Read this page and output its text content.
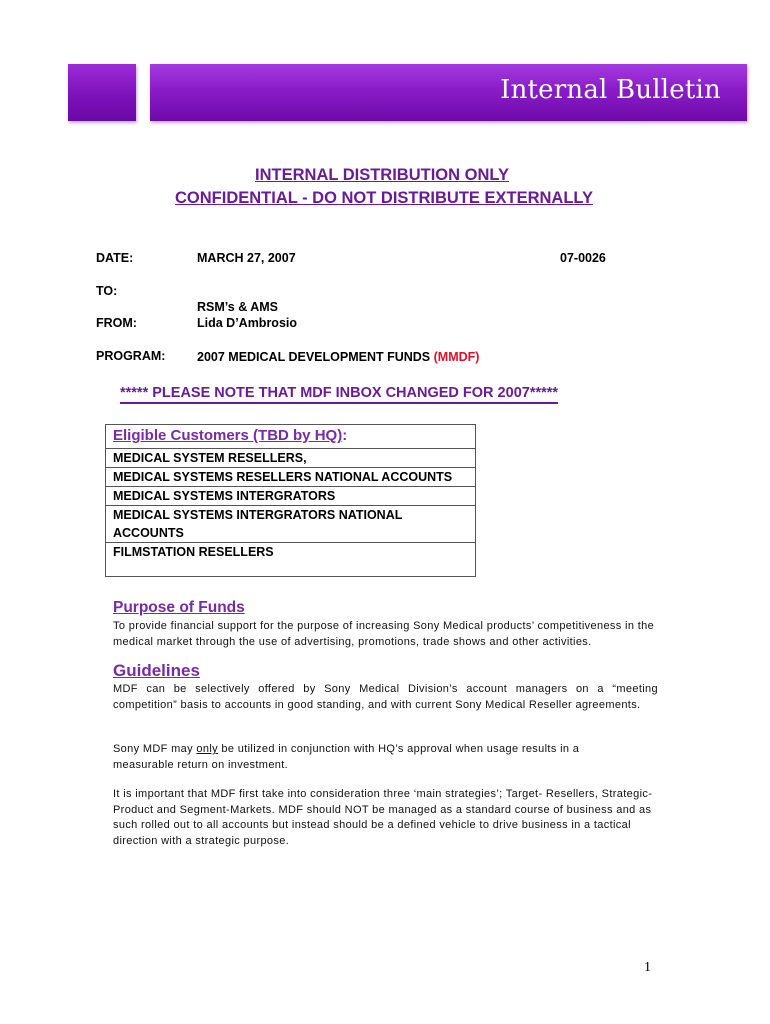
Internal Bulletin
INTERNAL DISTRIBUTION ONLY
CONFIDENTIAL - DO NOT DISTRIBUTE EXTERNALLY
DATE:	MARCH 27, 2007	07-0026
TO:
RSM’s & AMS
FROM:	Lida D’Ambrosio
PROGRAM:	2007 MEDICAL DEVELOPMENT FUNDS (MMDF)
***** PLEASE NOTE THAT MDF INBOX CHANGED FOR 2007*****
Eligible Customers (TBD by HQ):
MEDICAL SYSTEM RESELLERS,
MEDICAL SYSTEMS RESELLERS NATIONAL ACCOUNTS
MEDICAL SYSTEMS INTERGRATORS
MEDICAL SYSTEMS INTERGRATORS NATIONAL ACCOUNTS
FILMSTATION RESELLERS
Purpose of Funds
To provide financial support for the purpose of increasing Sony Medical products’ competitiveness in the medical market through the use of advertising, promotions, trade shows and other activities.
Guidelines
MDF can be selectively offered by Sony Medical Division’s account managers on a “meeting competition” basis to accounts in good standing, and with current Sony Medical Reseller agreements.
Sony MDF may only be utilized in conjunction with HQ’s approval when usage results in a measurable return on investment.
It is important that MDF first take into consideration three ‘main strategies’; Target- Resellers, Strategic-Product and Segment-Markets. MDF should NOT be managed as a standard course of business and as such rolled out to all accounts but instead should be a defined vehicle to drive business in a tactical direction with a strategic purpose.
1
